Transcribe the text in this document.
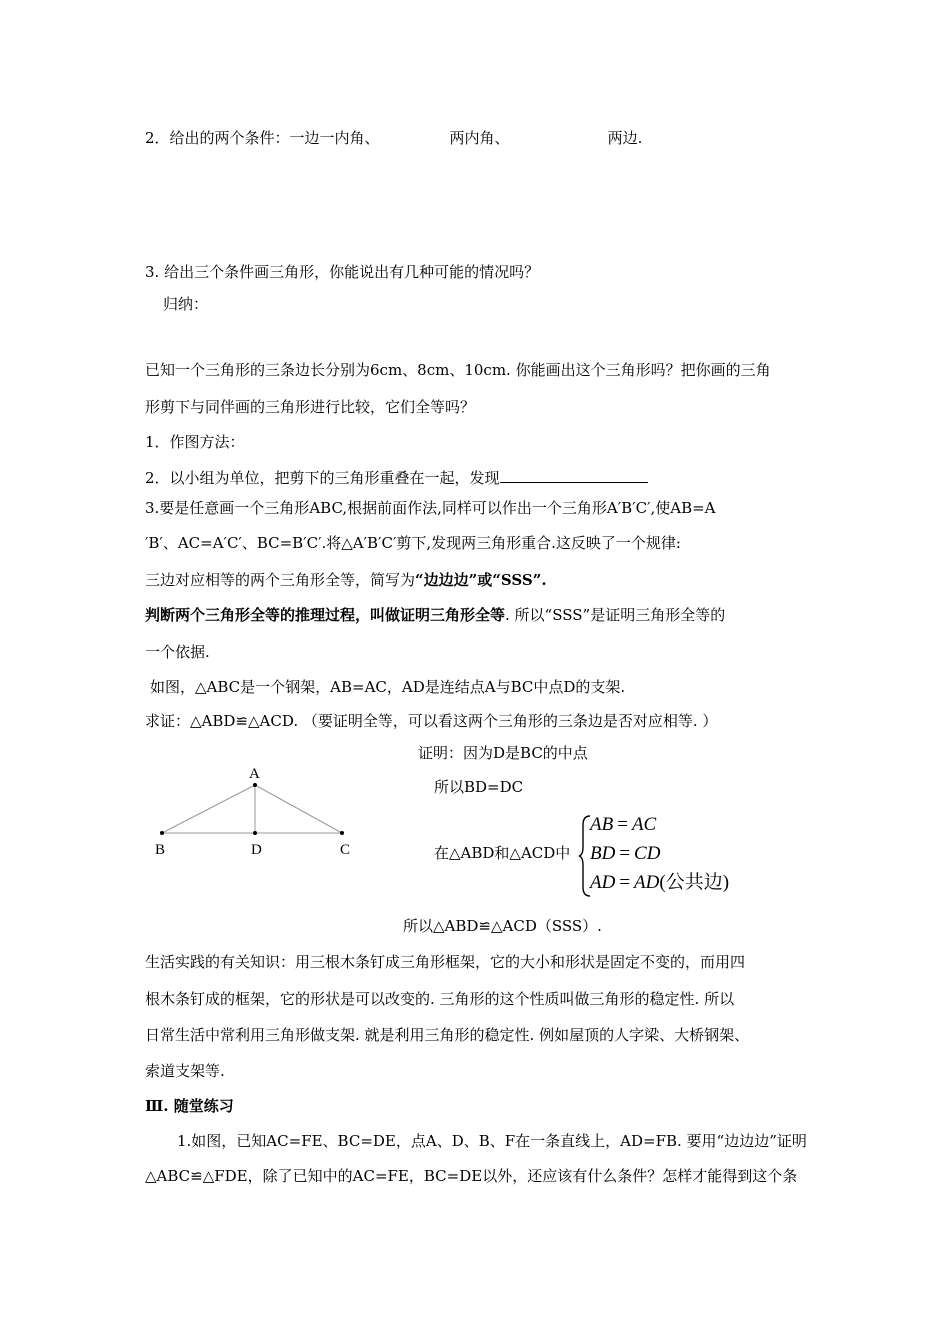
2．给出的两个条件：一边一内角、	两内角、	两边.
3. 给出三个条件画三角形，你能说出有几种可能的情况吗？
归纳：
已知一个三角形的三条边长分别为6cm、8cm、10cm. 你能画出这个三角形吗？把你画的三角
形剪下与同伴画的三角形进行比较，它们全等吗？
1．作图方法：
2．以小组为单位，把剪下的三角形重叠在一起，发现
3.要是任意画一个三角形ABC,根据前面作法,同样可以作出一个三角形A′B′C′,使AB=A
′B′、AC=A′C′、BC=B′C′.将△A′B′C′剪下,发现两三角形重合.这反映了一个规律:
三边对应相等的两个三角形全等，简写为“边边边”或“SSS”.
判断两个三角形全等的推理过程，叫做证明三角形全等. 所以“SSS”是证明三角形全等的
一个依据.
如图，△ABC是一个钢架，AB=AC，AD是连结点A与BC中点D的支架.
求证：△ABD≌△ACD. （要证明全等，可以看这两个三角形的三条边是否对应相等. ）
证明：因为D是BC的中点
所以BD=DC
在△ABD和△ACD中
A
B	D	C
AB = AC
BD = CD
AD = AD(公共边)
所以△ABD≌△ACD（SSS）.
生活实践的有关知识：用三根木条钉成三角形框架，它的大小和形状是固定不变的，而用四
根木条钉成的框架，它的形状是可以改变的. 三角形的这个性质叫做三角形的稳定性. 所以
日常生活中常利用三角形做支架. 就是利用三角形的稳定性. 例如屋顶的人字梁、大桥钢架、
索道支架等.
Ⅲ. 随堂练习
1.如图，已知AC=FE、BC=DE，点A、D、B、F在一条直线上，AD=FB. 要用“边边边”证明
△ABC≌△FDE，除了已知中的AC=FE，BC=DE以外，还应该有什么条件？怎样才能得到这个条
